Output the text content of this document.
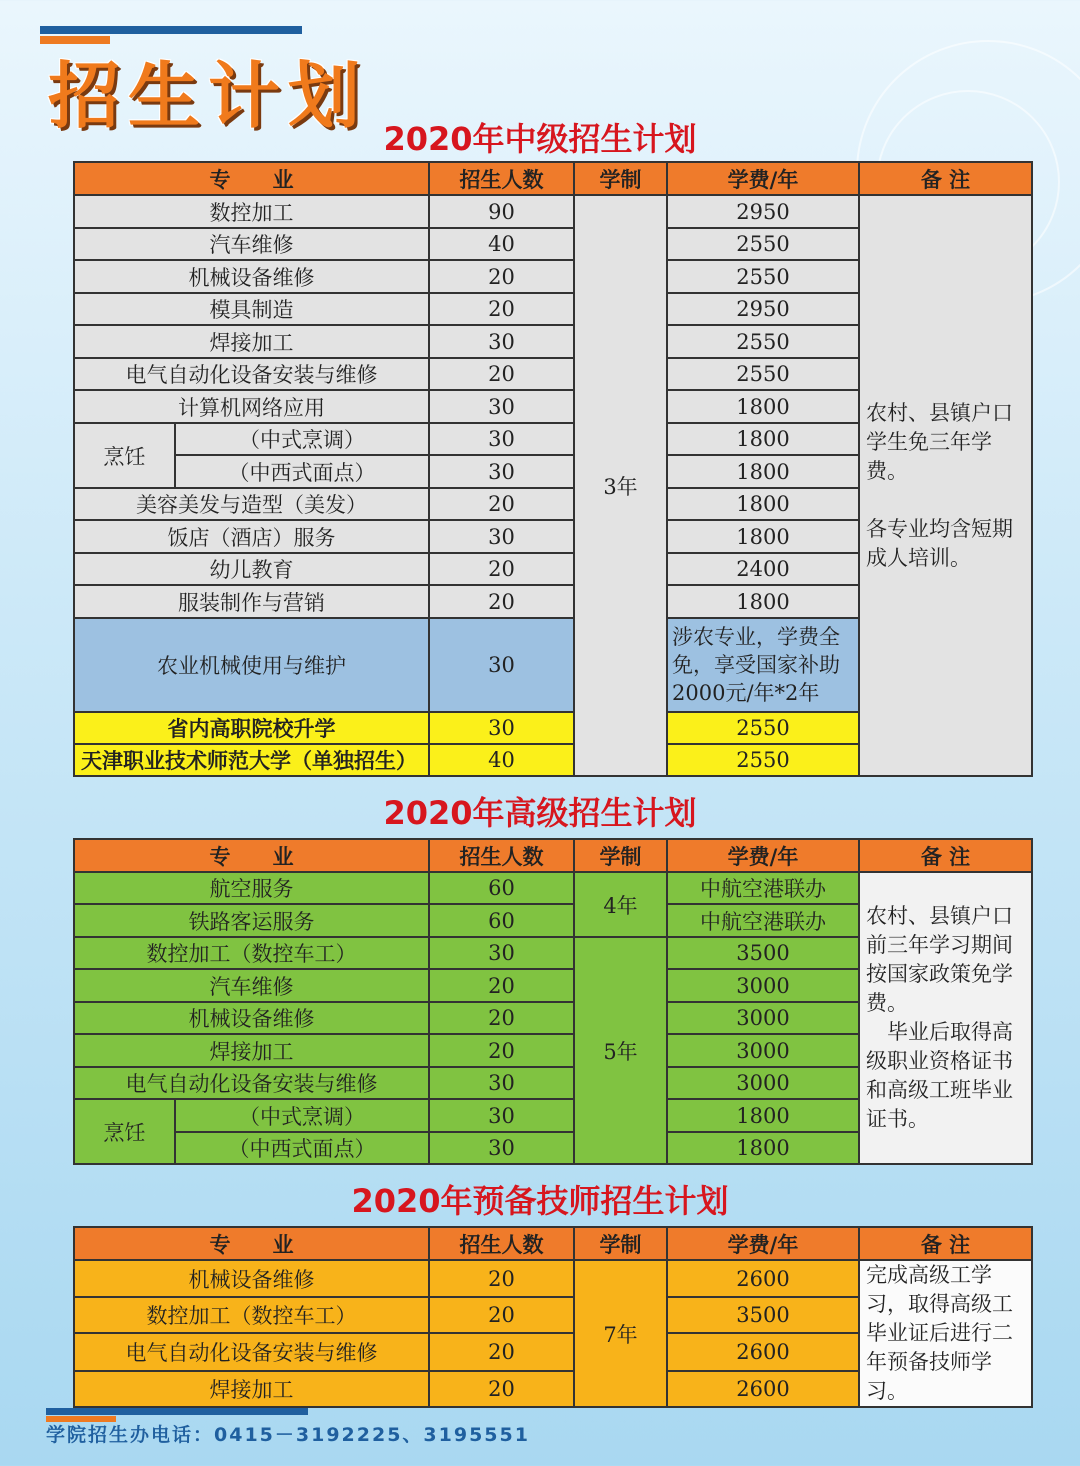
招生计划
2020年中级招生计划
专　　业		招生人数	学制	学费/年	备 注
数控加工		90	3年	2950	农村、县镇户口学生免三年学费。

各专业均含短期成人培训。

汽车维修		40		2550	
机械设备维修		20		2550	
模具制造		20		2950	
焊接加工		30		2550	
电气自动化设备安装与维修		20		2550	
计算机网络应用		30		1800	
烹饪	（中式烹调）	30		1800	
	（中西式面点）	30		1800	
美容美发与造型（美发）		20		1800	
饭店（酒店）服务		30		1800	
幼儿教育		20		2400	
服装制作与营销		20		1800	
农业机械使用与维护		30		涉农专业，学费全免，享受国家补助2000元/年*2年	
省内高职院校升学		30		2550	
天津职业技术师范大学（单独招生）		40		2550	
2020年高级招生计划
专　　业		招生人数	学制	学费/年	备 注
航空服务		60	4年	中航空港联办	农村、县镇户口前三年学习期间按国家政策免学费。
　毕业后取得高级职业资格证书和高级工班毕业证书。

铁路客运服务		60		中航空港联办	
数控加工（数控车工）		30	5年	3500	
汽车维修		20		3000	
机械设备维修		20		3000	
焊接加工		20		3000	
电气自动化设备安装与维修		30		3000	
烹饪	（中式烹调）	30		1800	
	（中西式面点）	30		1800	
2020年预备技师招生计划
专　　业	招生人数	学制	学费/年	备 注
机械设备维修	20	7年	2600	完成高级工学习，取得高级工毕业证后进行二年预备技师学习。
数控加工（数控车工）	20		3500	
电气自动化设备安装与维修	20		2600	
焊接加工	20		2600	

学院招生办电话：0415－3192225、3195551
